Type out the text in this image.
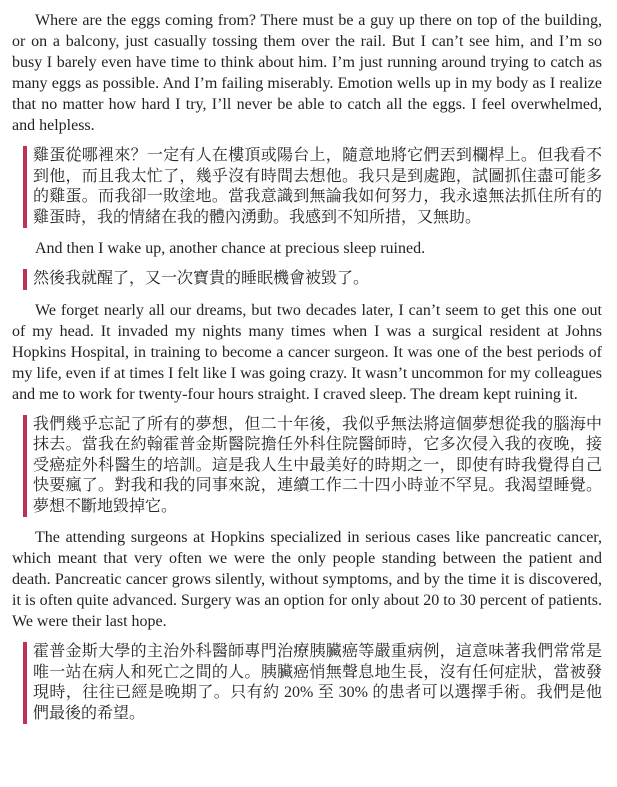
Where are the eggs coming from? There must be a guy up there on top of the building, or on a balcony, just casually tossing them over the rail. But I can’t see him, and I’m so busy I barely even have time to think about him. I’m just running around trying to catch as many eggs as possible. And I’m failing miserably. Emotion wells up in my body as I realize that no matter how hard I try, I’ll never be able to catch all the eggs. I feel overwhelmed, and helpless.

雞蛋從哪裡來？一定有人在樓頂或陽台上，隨意地將它們丟到欄桿上。但我看不到他，而且我太忙了，幾乎沒有時間去想他。我只是到處跑，試圖抓住盡可能多的雞蛋。而我卻一敗塗地。當我意識到無論我如何努力，我永遠無法抓住所有的雞蛋時，我的情緒在我的體內湧動。我感到不知所措，又無助。

And then I wake up, another chance at precious sleep ruined.

然後我就醒了，又一次寶貴的睡眠機會被毀了。

We forget nearly all our dreams, but two decades later, I can’t seem to get this one out of my head. It invaded my nights many times when I was a surgical resident at Johns Hopkins Hospital, in training to become a cancer surgeon. It was one of the best periods of my life, even if at times I felt like I was going crazy. It wasn’t uncommon for my colleagues and me to work for twenty-four hours straight. I craved sleep. The dream kept ruining it.

我們幾乎忘記了所有的夢想，但二十年後，我似乎無法將這個夢想從我的腦海中抹去。當我在約翰霍普金斯醫院擔任外科住院醫師時，它多次侵入我的夜晚，接受癌症外科醫生的培訓。這是我人生中最美好的時期之一，即使有時我覺得自己快要瘋了。對我和我的同事來說，連續工作二十四小時並不罕見。我渴望睡覺。夢想不斷地毀掉它。

The attending surgeons at Hopkins specialized in serious cases like pancreatic cancer, which meant that very often we were the only people standing between the patient and death. Pancreatic cancer grows silently, without symptoms, and by the time it is discovered, it is often quite advanced. Surgery was an option for only about 20 to 30 percent of patients. We were their last hope.

霍普金斯大學的主治外科醫師專門治療胰臟癌等嚴重病例，這意味著我們常常是唯一站在病人和死亡之間的人。胰臟癌悄無聲息地生長，沒有任何症狀，當被發現時，往往已經是晚期了。只有約 20% 至 30% 的患者可以選擇手術。我們是他們最後的希望。
